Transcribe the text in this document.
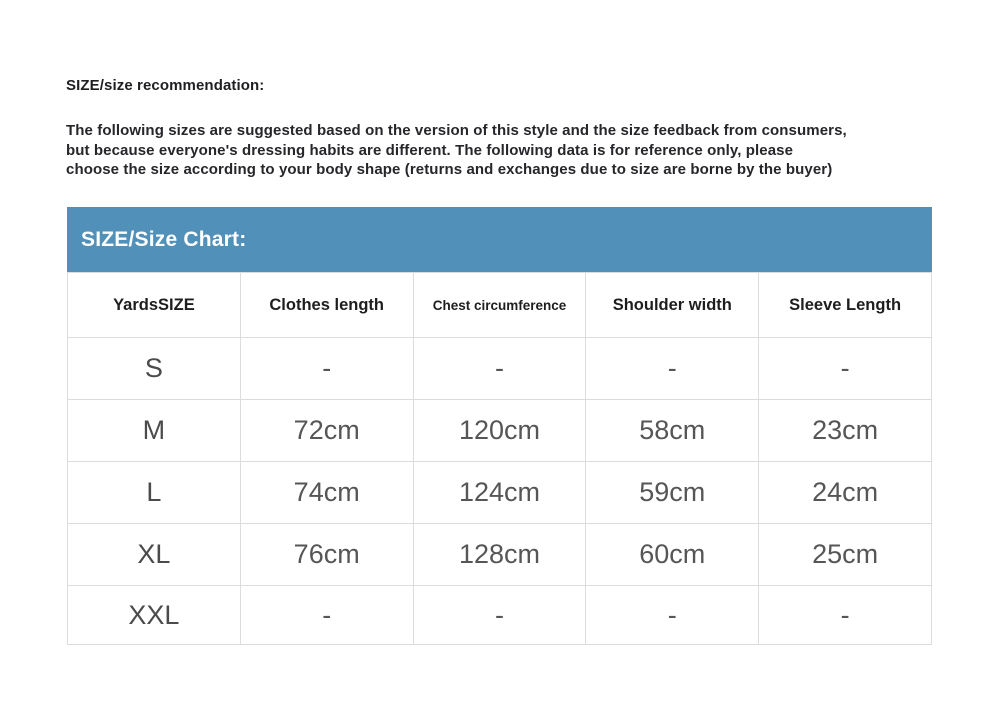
SIZE/size recommendation:
The following sizes are suggested based on the version of this style and the size feedback from consumers,
but because everyone's dressing habits are different. The following data is for reference only, please
choose the size according to your body shape (returns and exchanges due to size are borne by the buyer)
SIZE/Size Chart:
YardsSIZE	Clothes length	Chest circumference	Shoulder width	Sleeve Length
S	-	-	-	-
M	72cm	120cm	58cm	23cm
L	74cm	124cm	59cm	24cm
XL	76cm	128cm	60cm	25cm
XXL	-	-	-	-
